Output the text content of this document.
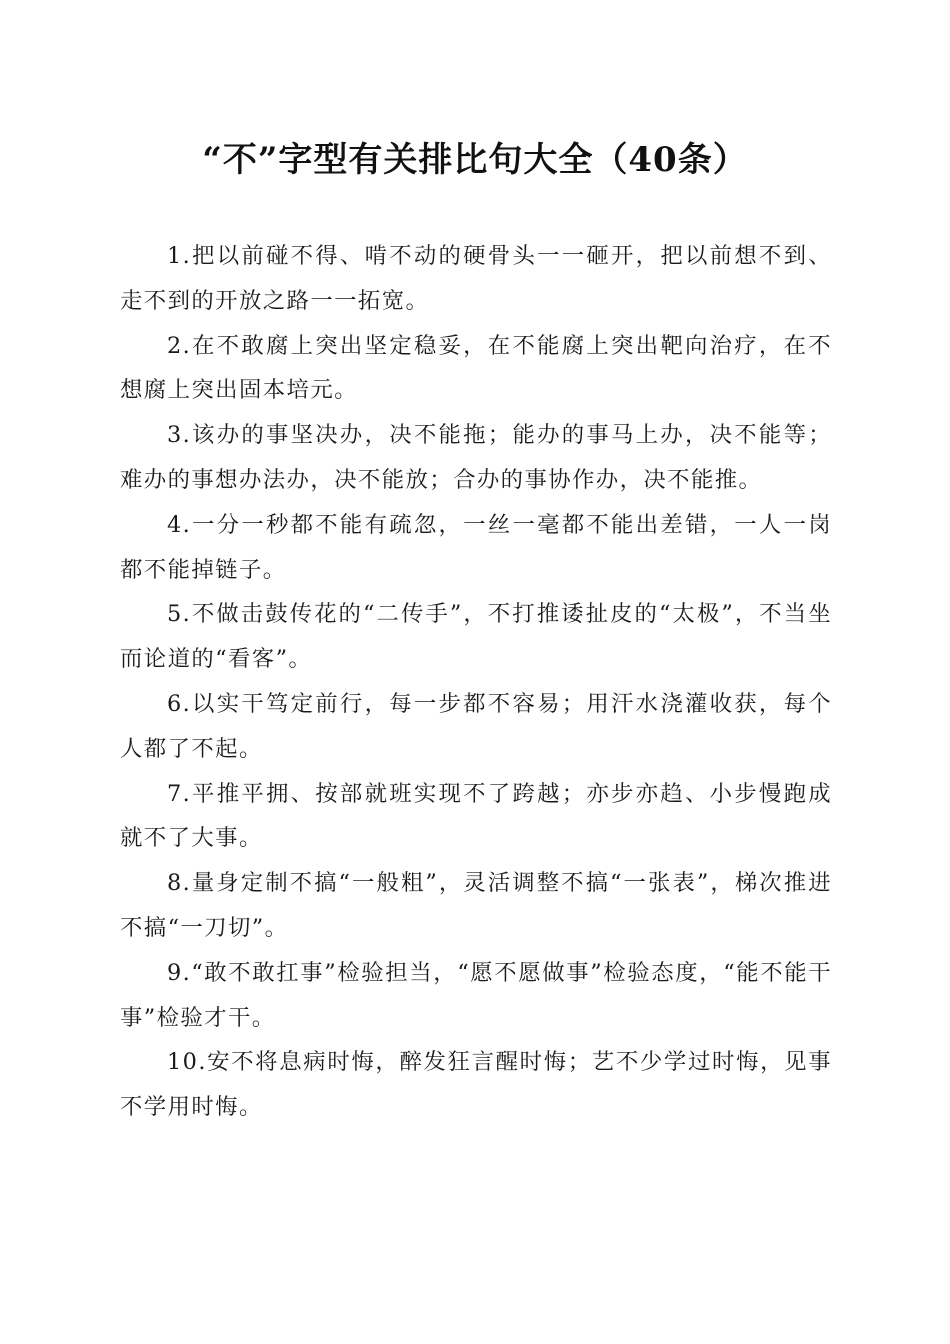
“不”字型有关排比句大全（40条）

1.把以前碰不得、啃不动的硬骨头一一砸开，把以前想不到、走不到的开放之路一一拓宽。

2.在不敢腐上突出坚定稳妥，在不能腐上突出靶向治疗，在不想腐上突出固本培元。

3.该办的事坚决办，决不能拖；能办的事马上办，决不能等；难办的事想办法办，决不能放；合办的事协作办，决不能推。

4.一分一秒都不能有疏忽，一丝一毫都不能出差错，一人一岗都不能掉链子。

5.不做击鼓传花的“二传手”，不打推诿扯皮的“太极”，不当坐而论道的“看客”。

6.以实干笃定前行，每一步都不容易；用汗水浇灌收获，每个人都了不起。

7.平推平拥、按部就班实现不了跨越；亦步亦趋、小步慢跑成就不了大事。

8.量身定制不搞“一般粗”，灵活调整不搞“一张表”，梯次推进不搞“一刀切”。

9.“敢不敢扛事”检验担当，“愿不愿做事”检验态度，“能不能干事”检验才干。

10.安不将息病时悔，醉发狂言醒时悔；艺不少学过时悔，见事不学用时悔。
